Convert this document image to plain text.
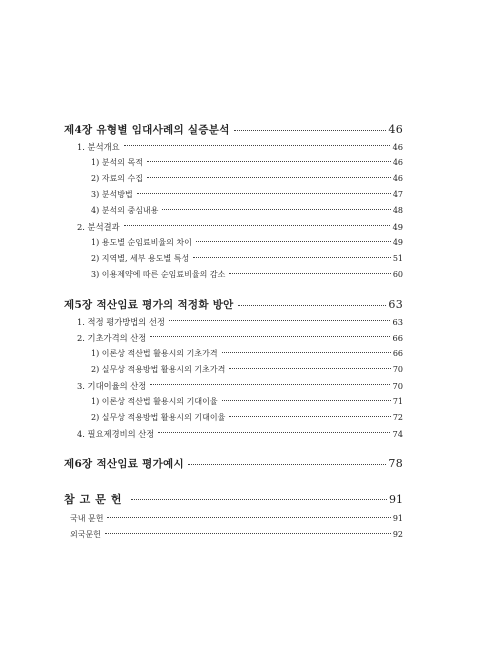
제4장 유형별 임대사례의 실증분석	46
1. 분석개요	46
1) 분석의 목적	46
2) 자료의 수집	46
3) 분석방법	47
4) 분석의 중심내용	48
2. 분석결과	49
1) 용도별 순임료비율의 차이	49
2) 지역별, 세부 용도별 특성	51
3) 이용제약에 따른 순임료비율의 감소	60
제5장 적산임료 평가의 적정화 방안	63
1. 적정 평가방법의 선정	63
2. 기초가격의 산정	66
1) 이론상 적산법 활용시의 기초가격	66
2) 실무상 적용방법 활용시의 기초가격	70
3. 기대이율의 산정	70
1) 이론상 적산법 활용시의 기대이율	71
2) 실무상 적용방법 활용시의 기대이율	72
4. 필요제경비의 산정	74
제6장 적산임료 평가예시	78
참고문헌	91
국내 문헌	91
외국문헌	92
